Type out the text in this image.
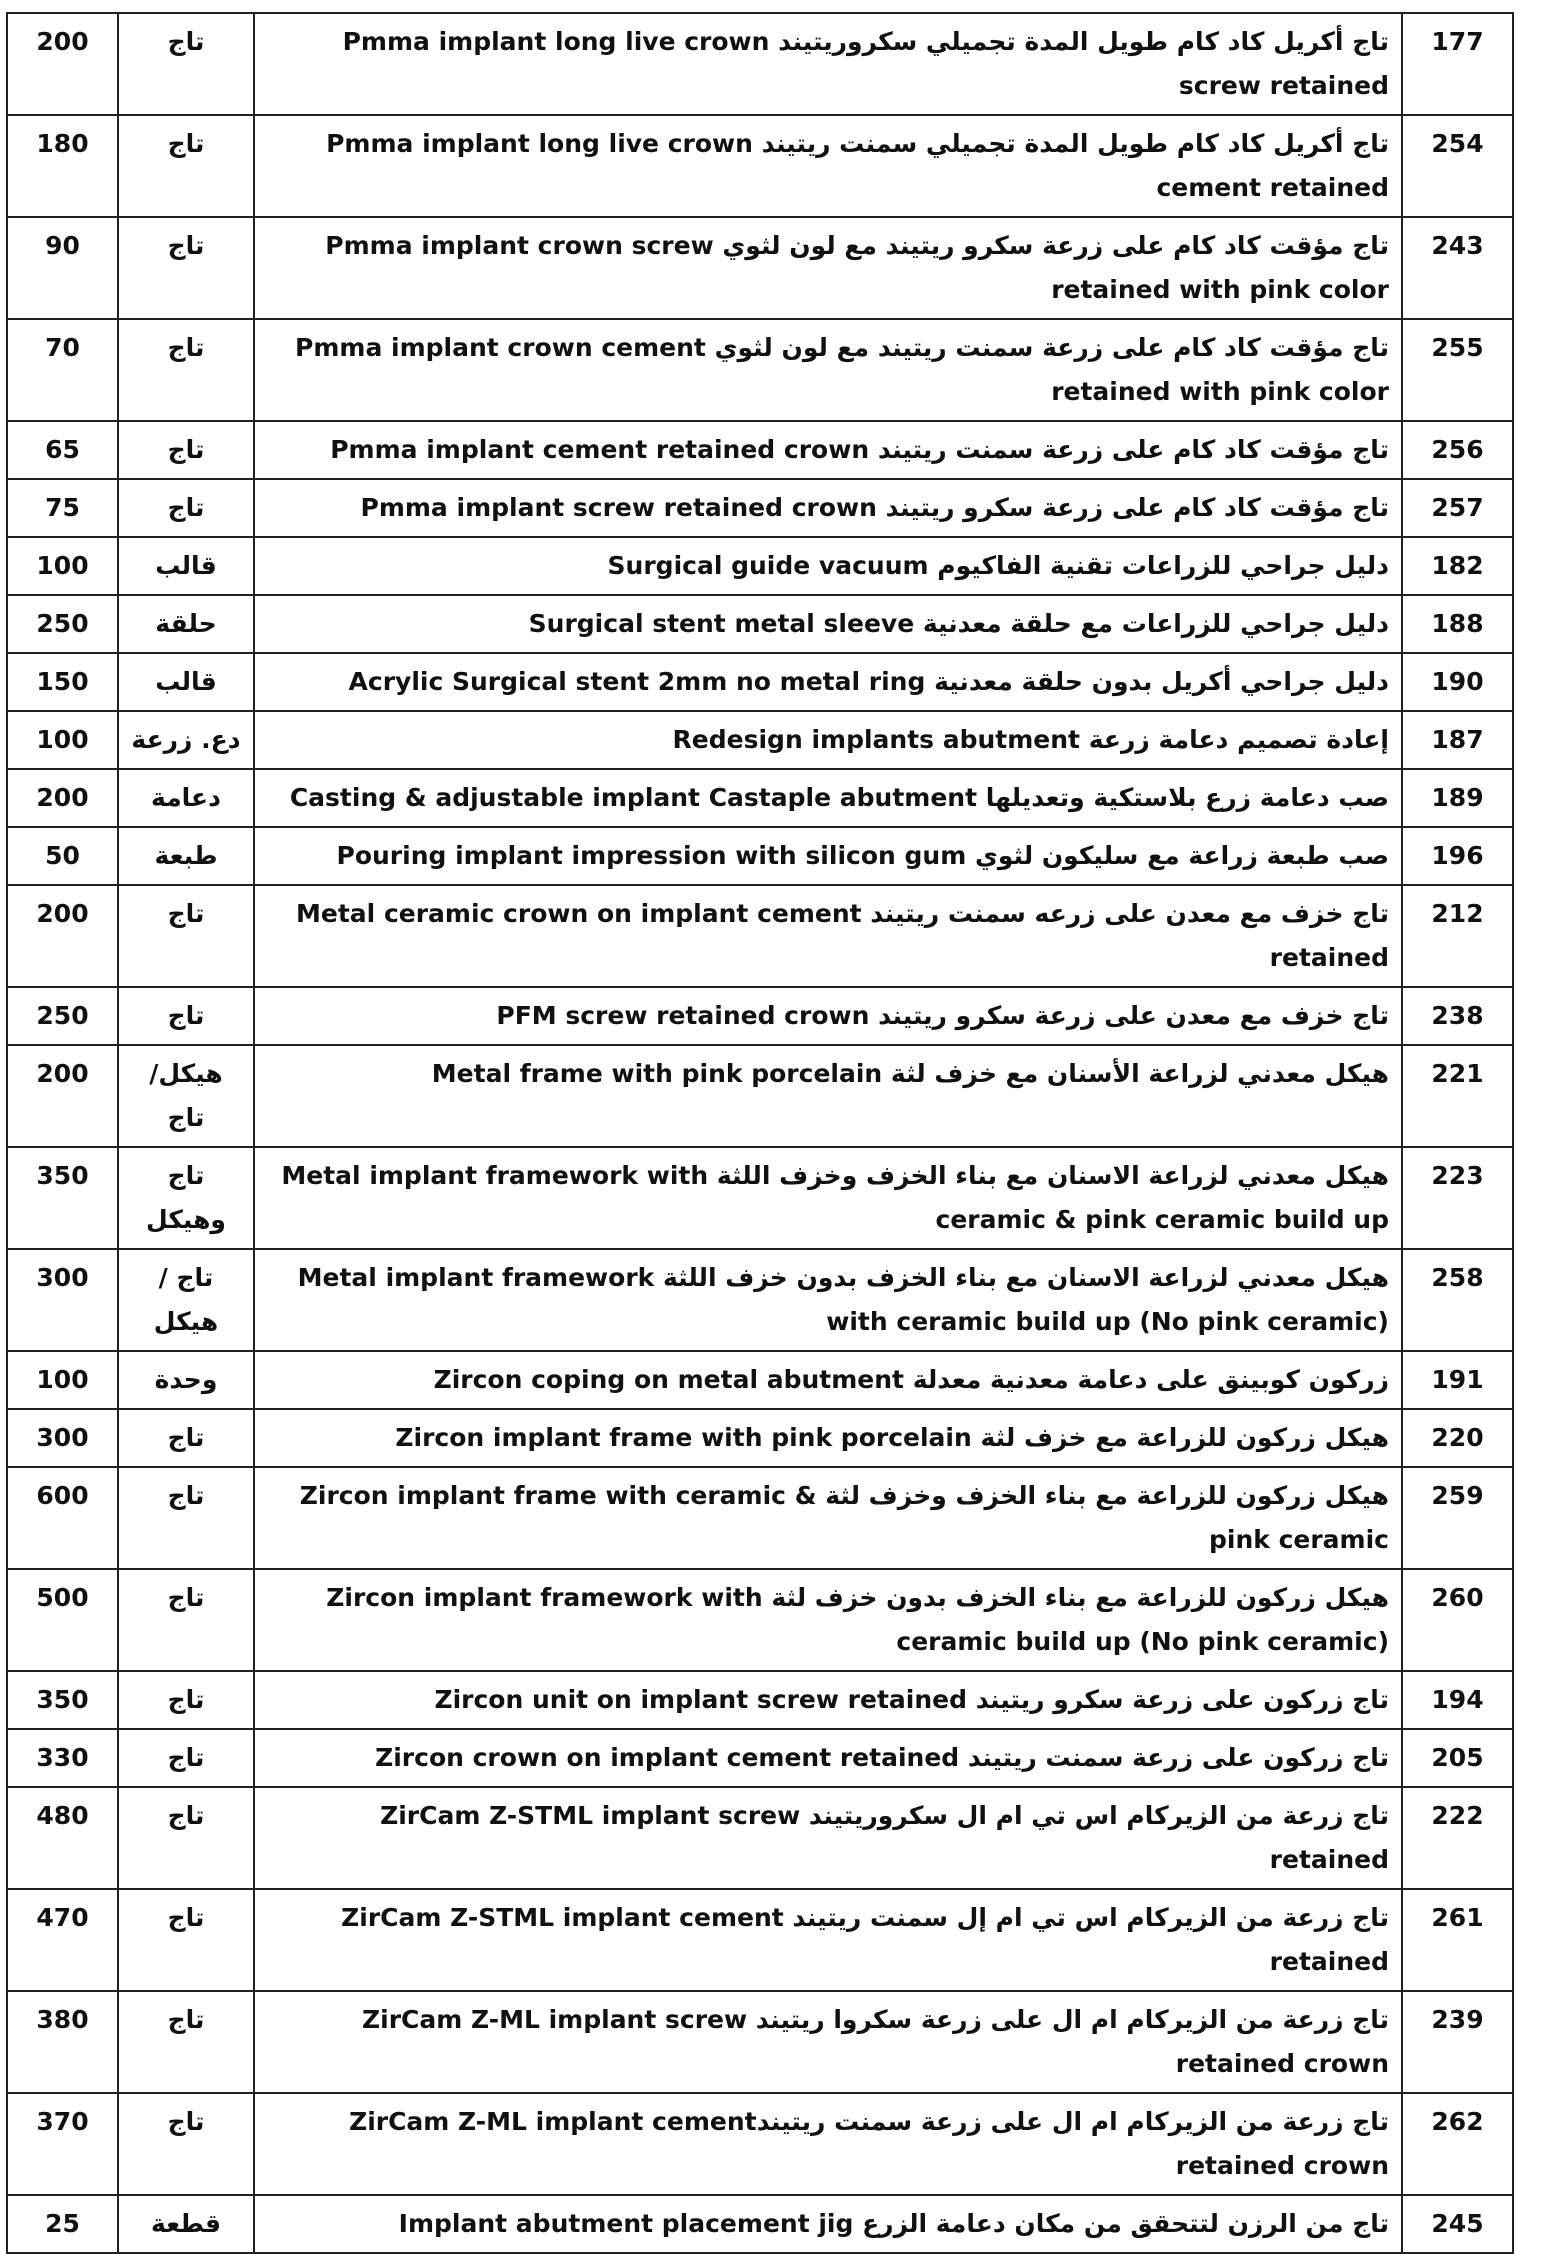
200	تاج	تاج أكريل كاد كام طويل المدة تجميلي سكروريتيند Pmma implant long live crown screw retained	177
180	تاج	تاج أكريل كاد كام طويل المدة تجميلي سمنت ريتيند Pmma implant long live crown cement retained	254
90	تاج	تاج مؤقت كاد كام على زرعة سكرو ريتيند مع لون لثوي Pmma implant crown screw retained with pink color	243
70	تاج	تاج مؤقت كاد كام على زرعة سمنت ريتيند مع لون لثوي Pmma implant crown cement retained with pink color	255
65	تاج	تاج مؤقت كاد كام على زرعة سمنت ريتيند Pmma implant cement retained crown	256
75	تاج	تاج مؤقت كاد كام على زرعة سكرو ريتيند Pmma implant screw retained crown	257
100	قالب	دليل جراحي للزراعات تقنية الفاكيوم Surgical guide vacuum	182
250	حلقة	دليل جراحي للزراعات مع حلقة معدنية Surgical stent metal sleeve	188
150	قالب	دليل جراحي أكريل بدون حلقة معدنية Acrylic Surgical stent 2mm no metal ring	190
100	دع. زرعة	إعادة تصميم دعامة زرعة Redesign implants abutment	187
200	دعامة	صب دعامة زرع بلاستكية وتعديلها Casting & adjustable implant Castaple abutment	189
50	طبعة	صب طبعة زراعة مع سليكون لثوي Pouring implant impression with silicon gum	196
200	تاج	تاج خزف مع معدن على زرعه سمنت ريتيند Metal ceramic crown on implant cement retained	212
250	تاج	تاج خزف مع معدن على زرعة سكرو ريتيند PFM screw retained crown	238
200	هيكل/ تاج	هيكل معدني لزراعة الأسنان مع خزف لثة Metal frame with pink porcelain	221
350	تاج وهيكل	هيكل معدني لزراعة الاسنان مع بناء الخزف وخزف اللثة Metal implant framework with ceramic & pink ceramic build up	223
300	تاج / هيكل	هيكل معدني لزراعة الاسنان مع بناء الخزف بدون خزف اللثة Metal implant framework with ceramic build up (No pink ceramic)	258
100	وحدة	زركون كوبينق على دعامة معدنية معدلة Zircon coping on metal abutment	191
300	تاج	هيكل زركون للزراعة مع خزف لثة Zircon implant frame with pink porcelain	220
600	تاج	هيكل زركون للزراعة مع بناء الخزف وخزف لثة Zircon implant frame with ceramic & pink ceramic	259
500	تاج	هيكل زركون للزراعة مع بناء الخزف بدون خزف لثة Zircon implant framework with ceramic build up (No pink ceramic)	260
350	تاج	تاج زركون على زرعة سكرو ريتيند Zircon unit on implant screw retained	194
330	تاج	تاج زركون على زرعة سمنت ريتيند Zircon crown on implant cement retained	205
480	تاج	تاج زرعة من الزيركام اس تي ام ال سكروريتيند ZirCam Z-STML implant screw retained	222
470	تاج	تاج زرعة من الزيركام اس تي ام إل سمنت ريتيند ZirCam Z-STML implant cement retained	261
380	تاج	تاج زرعة من الزيركام ام ال على زرعة سكروا ريتيند ZirCam Z-ML implant screw retained crown	239
370	تاج	تاج زرعة من الزيركام ام ال على زرعة سمنت ريتيندZirCam Z-ML implant cement retained crown	262
25	قطعة	تاج من الرزن لتتحقق من مكان دعامة الزرع Implant abutment placement jig	245
